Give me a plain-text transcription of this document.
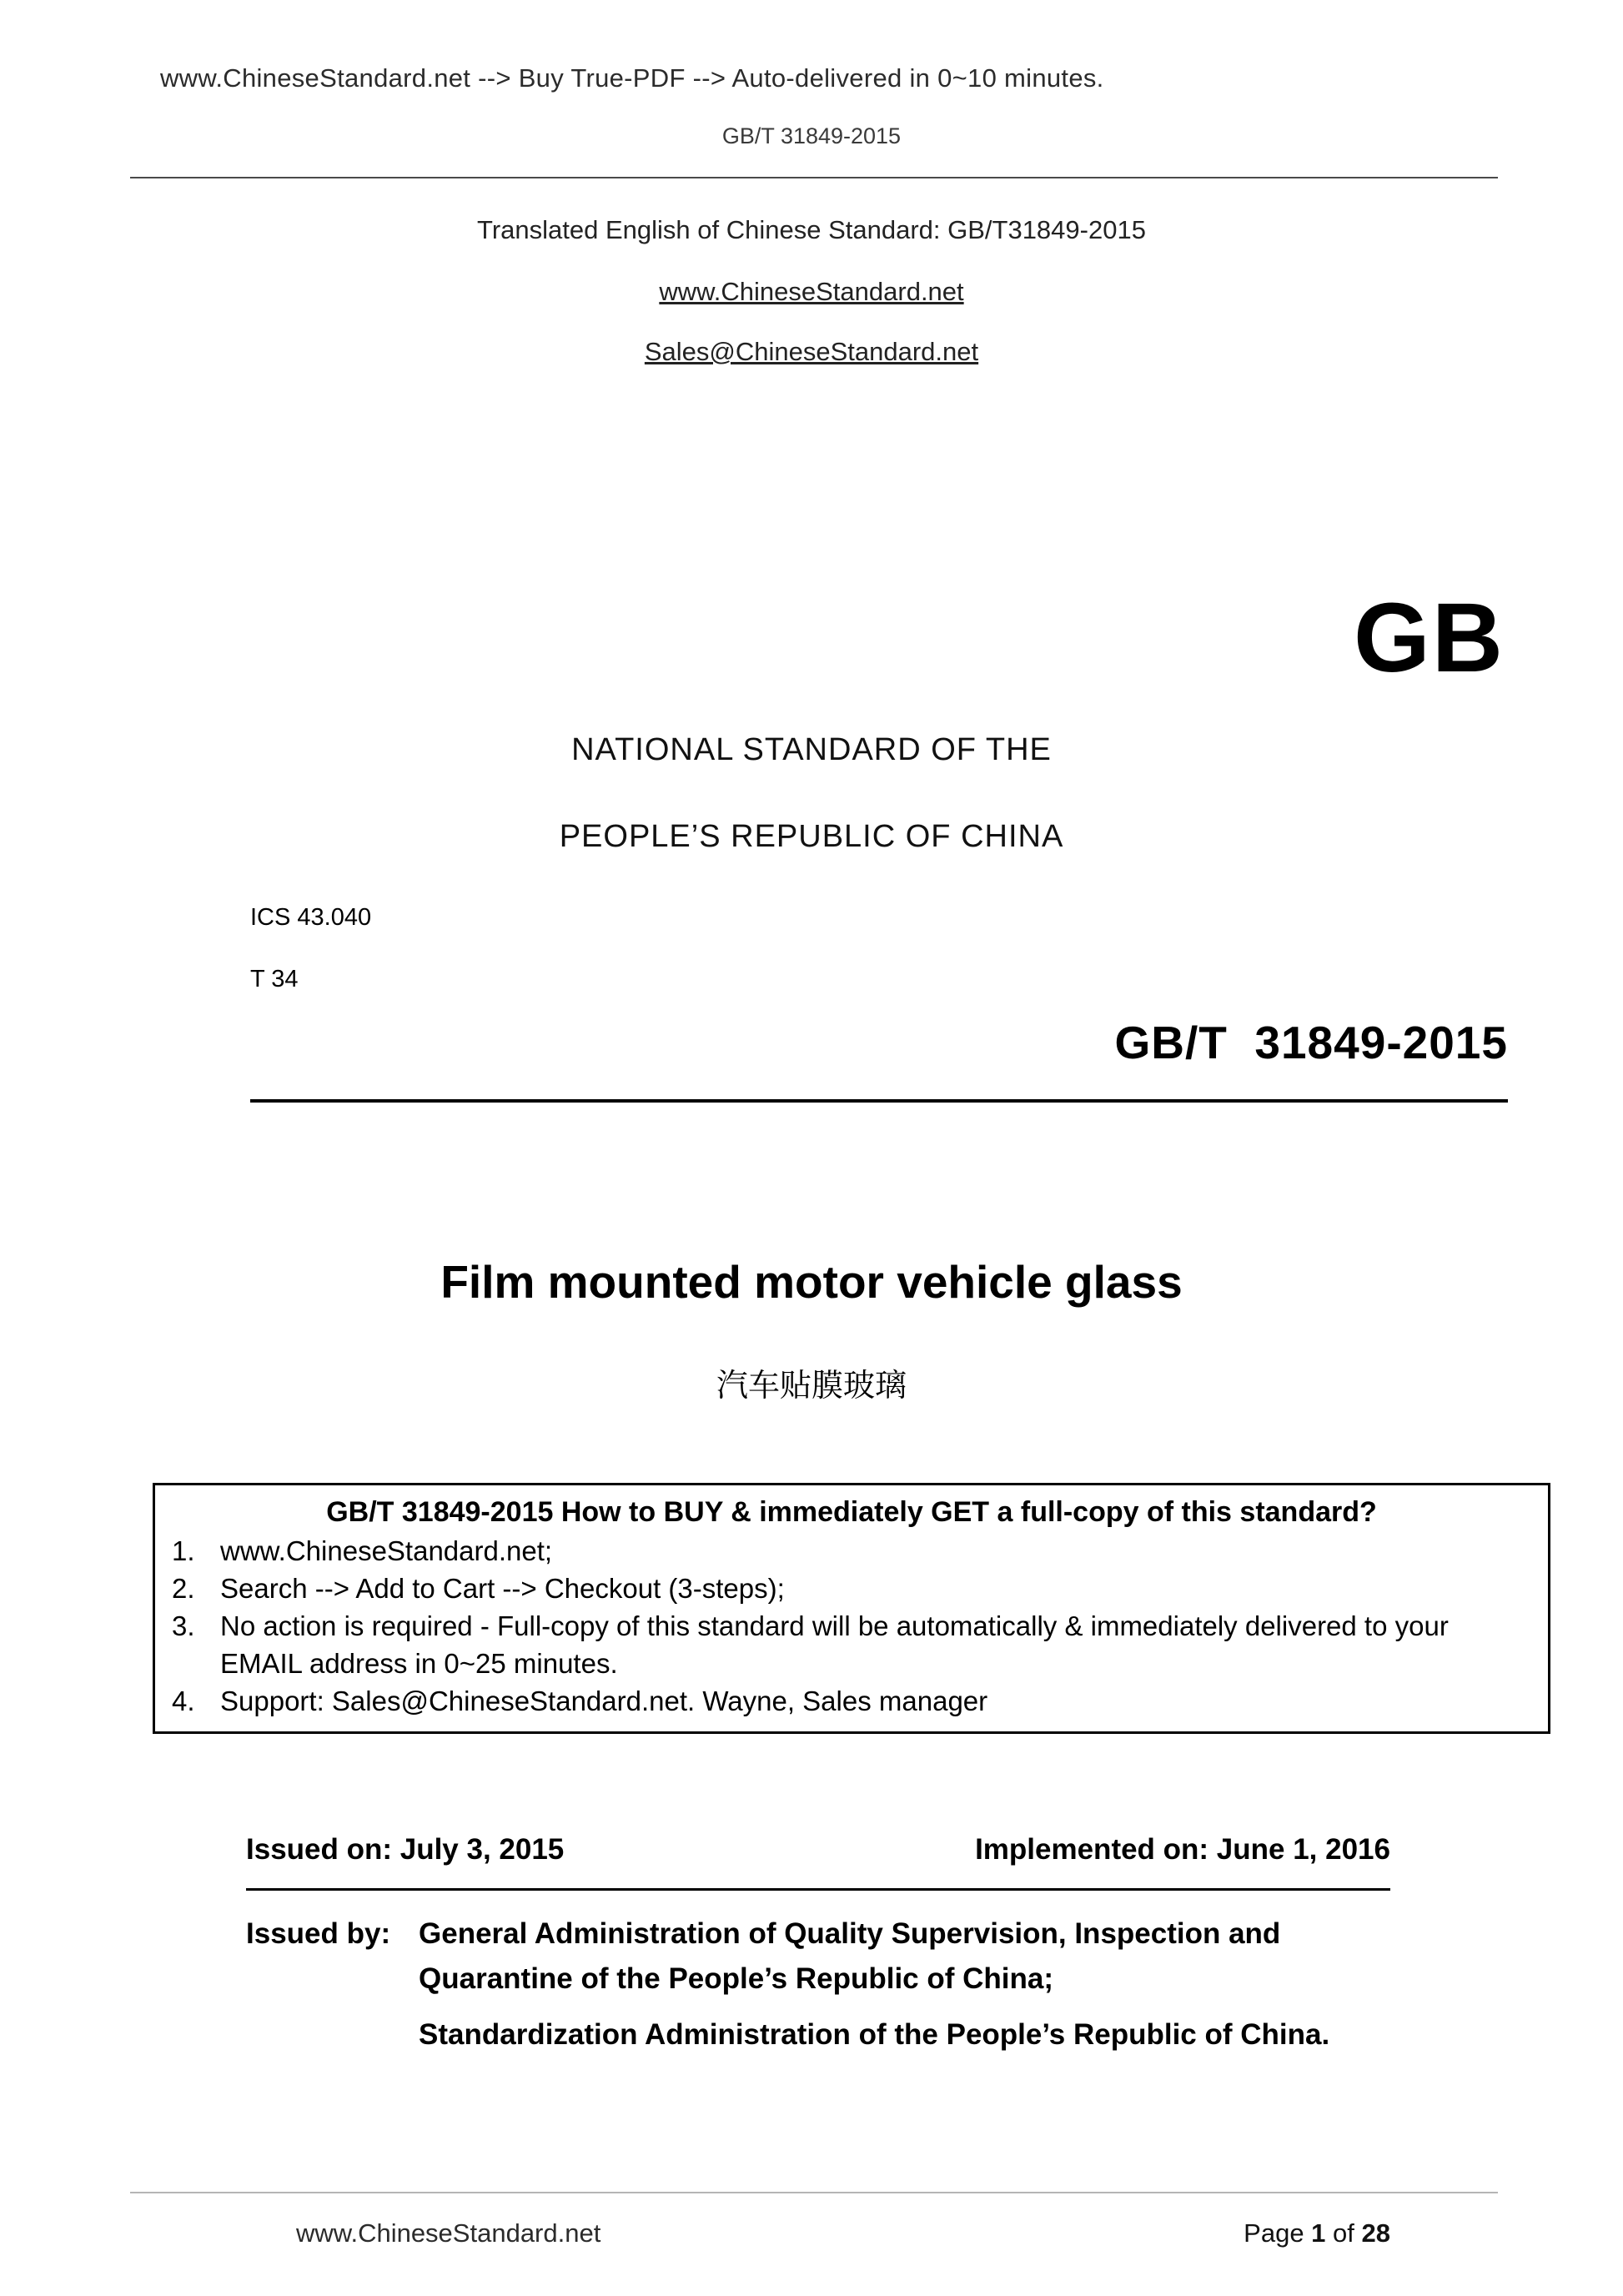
www.ChineseStandard.net --> Buy True-PDF --> Auto-delivered in 0~10 minutes.
GB/T 31849-2015
Translated English of Chinese Standard: GB/T31849-2015
www.ChineseStandard.net
Sales@ChineseStandard.net
GB
NATIONAL STANDARD OF THE
PEOPLE’S REPUBLIC OF CHINA
ICS 43.040
T 34
GB/T  31849-2015
Film mounted motor vehicle glass
汽车贴膜玻璃
GB/T 31849-2015 How to BUY & immediately GET a full-copy of this standard?
1. www.ChineseStandard.net;
2. Search --> Add to Cart --> Checkout (3-steps);
3. No action is required - Full-copy of this standard will be automatically & immediately delivered to your EMAIL address in 0~25 minutes.
4. Support: Sales@ChineseStandard.net. Wayne, Sales manager
Issued on: July 3, 2015	Implemented on: June 1, 2016
Issued by: General Administration of Quality Supervision, Inspection and Quarantine of the People’s Republic of China;
Standardization Administration of the People’s Republic of China.
www.ChineseStandard.net	Page 1 of 28
